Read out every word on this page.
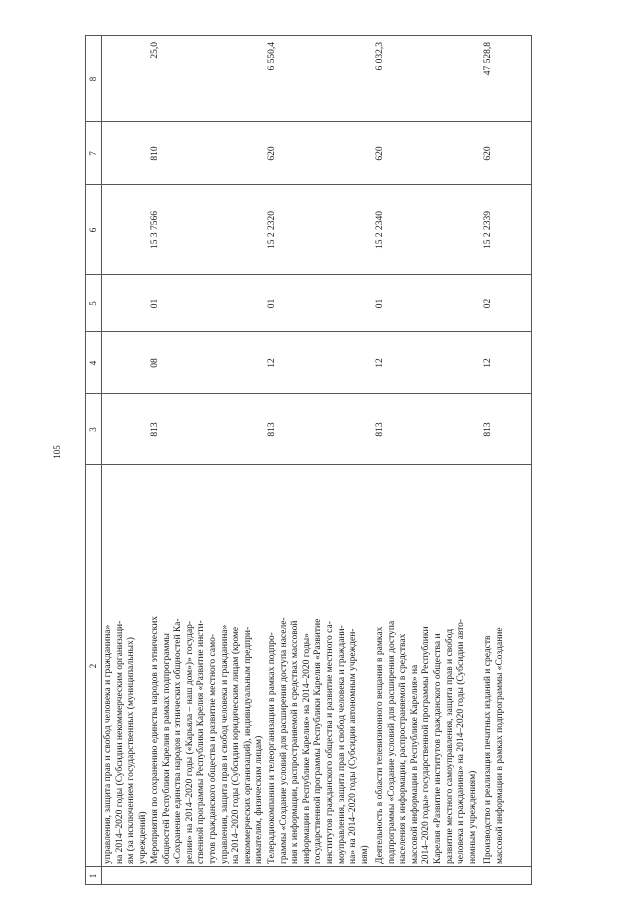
105
1
2
3
4
5
6
7
8
управления, защита прав и свобод человека и гражданина»
на 2014–2020 годы (Субсидии некоммерческим организаци-
ям (за исключением государственных (муниципальных)
учреждений) Мероприятия по сохранению единства народов и этнических
общностей Республики Карелия в рамках подпрограммы
«Сохранение единства народов и этнических общностей Ка-
релии» на 2014–2020 годы («Карьяла – наш дом»)» государ-
ственной программы Республики Карелия «Развитие инсти-
тутов гражданского общества и развитие местного само-
управления, защита прав и свобод человека и гражданина»
на 2014–2020 годы (Субсидии юридическим лицам (кроме
некоммерческих организаций), индивидуальным предпри-
нимателям, физическим лицам)
813
08
01
15 3 7566
810
25,0
Телерадиокомпании и телеорганизации в рамках подпро-
граммы «Создание условий для расширения доступа населе-
ния к информации, распространяемой в средствах массовой
информации в Республике Карелия» на 2014–2020 годы»
государственной программы Республики Карелия «Развитие
институтов гражданского общества и развитие местного са-
моуправления, защита прав и свобод человека и граждани-
на» на 2014–2020 годы (Субсидии автономным учрежден-
иям)
813
12
01
15 2 2320
620
6 550,4
Деятельность в области телевизионного вещания в рамках
подпрограммы «Создание условий для расширения доступа
населения к информации, распространяемой в средствах
массовой информации в Республике Карелия» на
2014–2020 годы» государственной программы Республики
Карелия «Развитие институтов гражданского общества и
развитие местного самоуправления, защита прав и свобод
человека и гражданина» на 2014–2020 годы (Субсидии авто-
номным учреждениям)
813
12
01
15 2 2340
620
6 032,3
Производство и реализация печатных изданий и средств
массовой информации в рамках подпрограммы «Создание
813
12
02
15 2 2339
620
47 528,8
